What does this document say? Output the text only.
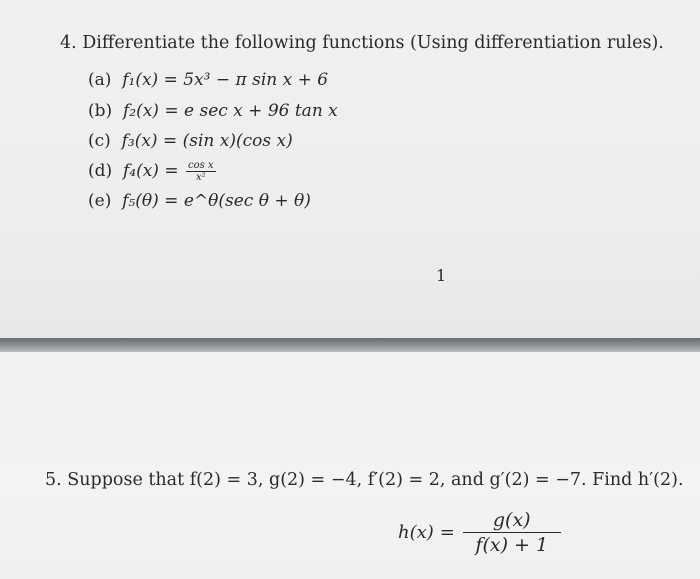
4. Differentiate the following functions (Using differentiation rules).
(a) f₁(x) = 5x³ − π sin x + 6
(b) f₂(x) = e sec x + 96 tan x
(c) f₃(x) = (sin x)(cos x)
(d) $f_4(x) = \frac{\text{cos x}}{\text{x²}}$
(e) f₅(θ) = e^θ(sec θ + θ)
1
5. Suppose that f(2) = 3, g(2) = −4, f′(2) = 2, and g′(2) = −7. Find h′(2).
$h(x) = \frac{g(x)}{f(x) + 1}$
